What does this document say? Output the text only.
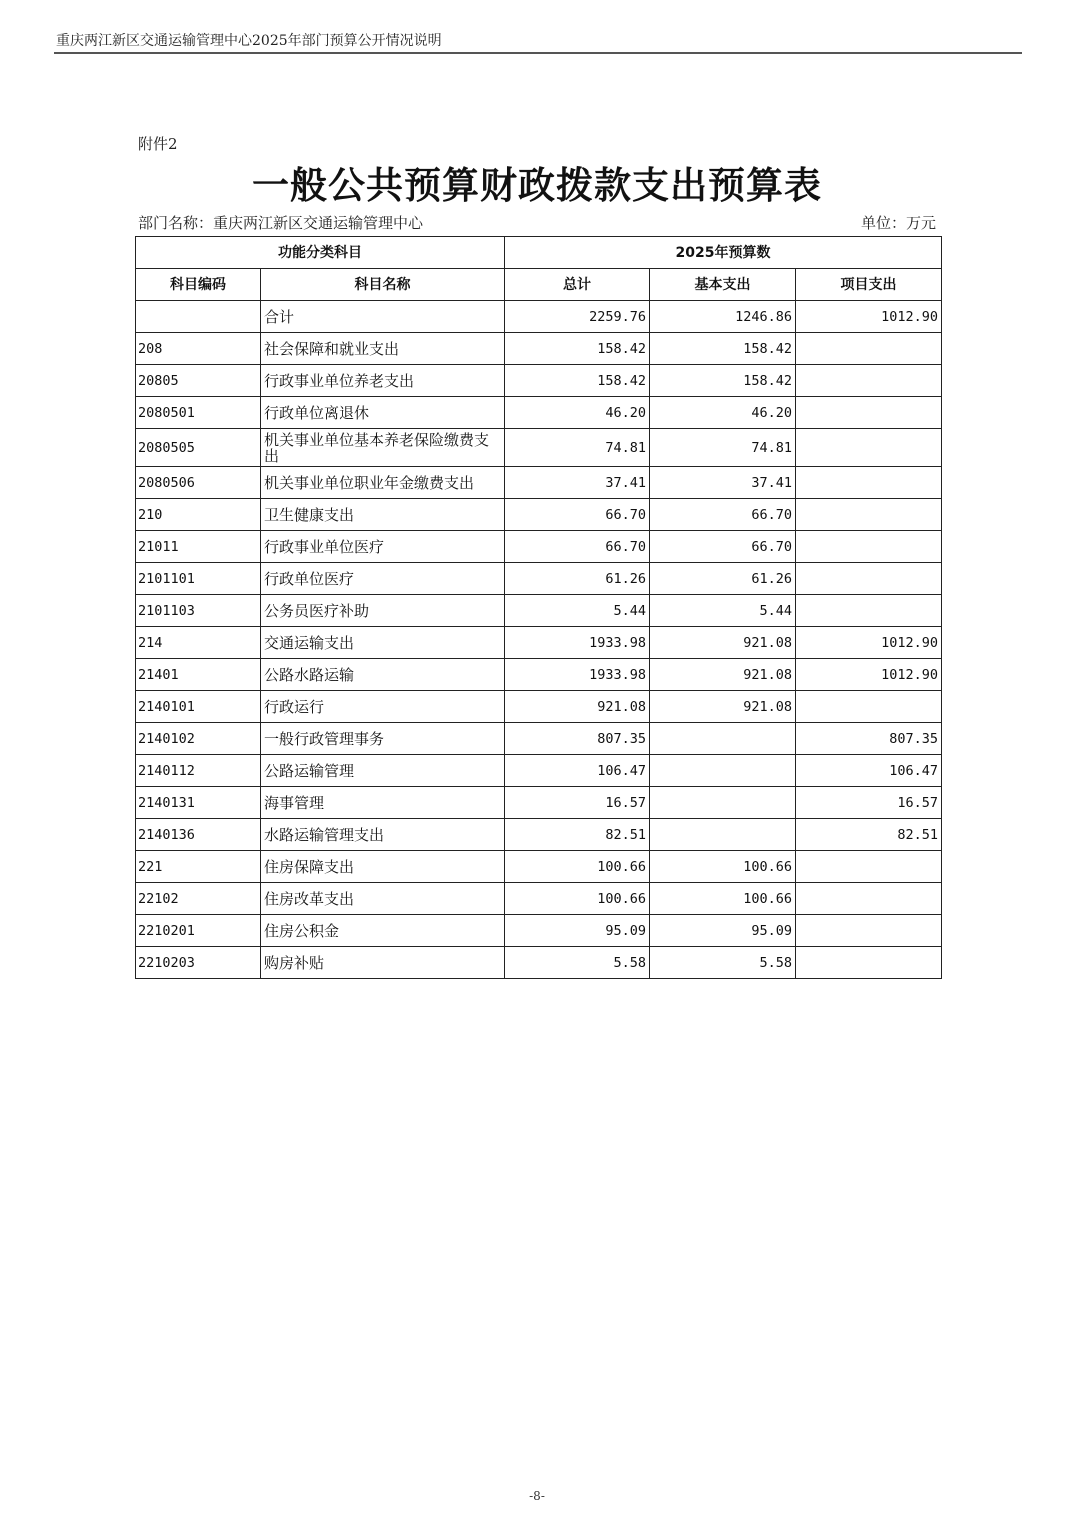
重庆两江新区交通运输管理中心2025年部门预算公开情况说明
附件2
一般公共预算财政拨款支出预算表
部门名称：重庆两江新区交通运输管理中心	单位：万元
功能分类科目		2025年预算数		
科目编码	科目名称	总计	基本支出	项目支出
	合计	2259.76	1246.86	1012.90
208	社会保障和就业支出	158.42	158.42	
20805	行政事业单位养老支出	158.42	158.42	
2080501	行政单位离退休	46.20	46.20	
2080505	机关事业单位基本养老保险缴费支出	74.81	74.81	
2080506	机关事业单位职业年金缴费支出	37.41	37.41	
210	卫生健康支出	66.70	66.70	
21011	行政事业单位医疗	66.70	66.70	
2101101	行政单位医疗	61.26	61.26	
2101103	公务员医疗补助	5.44	5.44	
214	交通运输支出	1933.98	921.08	1012.90
21401	公路水路运输	1933.98	921.08	1012.90
2140101	行政运行	921.08	921.08	
2140102	一般行政管理事务	807.35		807.35
2140112	公路运输管理	106.47		106.47
2140131	海事管理	16.57		16.57
2140136	水路运输管理支出	82.51		82.51
221	住房保障支出	100.66	100.66	
22102	住房改革支出	100.66	100.66	
2210201	住房公积金	95.09	95.09	
2210203	购房补贴	5.58	5.58	
-8-
